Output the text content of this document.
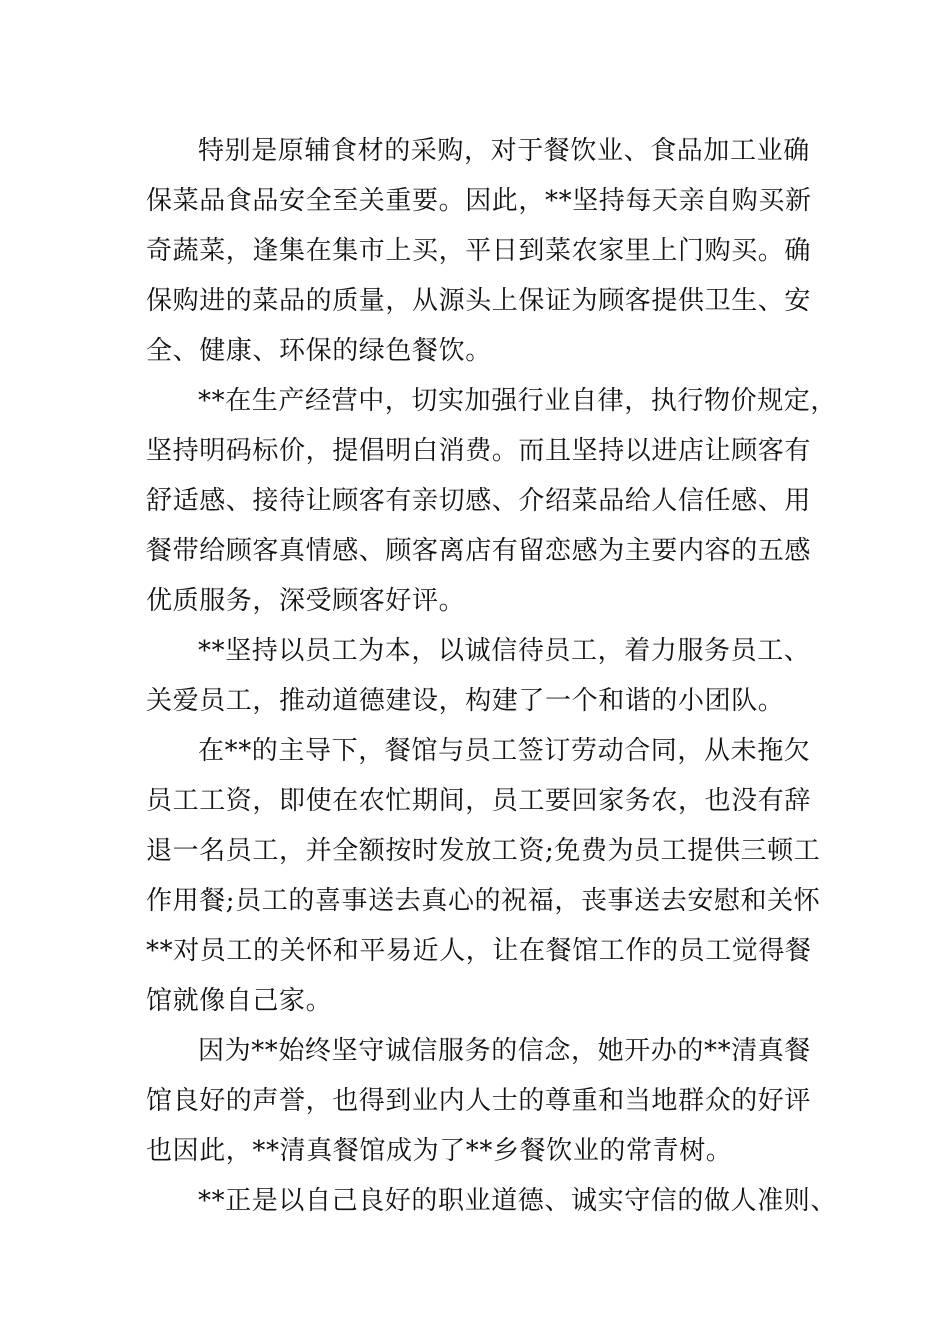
特别是原辅食材的采购，对于餐饮业、食品加工业确
保菜品食品安全至关重要。因此，**坚持每天亲自购买新
奇蔬菜，逢集在集市上买，平日到菜农家里上门购买。确
保购进的菜品的质量，从源头上保证为顾客提供卫生、安
全、健康、环保的绿色餐饮。
**在生产经营中，切实加强行业自律，执行物价规定，
坚持明码标价，提倡明白消费。而且坚持以进店让顾客有
舒适感、接待让顾客有亲切感、介绍菜品给人信任感、用
餐带给顾客真情感、顾客离店有留恋感为主要内容的五感
优质服务，深受顾客好评。
**坚持以员工为本，以诚信待员工，着力服务员工、
关爱员工，推动道德建设，构建了一个和谐的小团队。
在**的主导下，餐馆与员工签订劳动合同，从未拖欠
员工工资，即使在农忙期间，员工要回家务农，也没有辞
退一名员工，并全额按时发放工资;免费为员工提供三顿工
作用餐;员工的喜事送去真心的祝福，丧事送去安慰和关怀
**对员工的关怀和平易近人，让在餐馆工作的员工觉得餐
馆就像自己家。
因为**始终坚守诚信服务的信念，她开办的**清真餐
馆良好的声誉，也得到业内人士的尊重和当地群众的好评
也因此，**清真餐馆成为了**乡餐饮业的常青树。
**正是以自己良好的职业道德、诚实守信的做人准则、
